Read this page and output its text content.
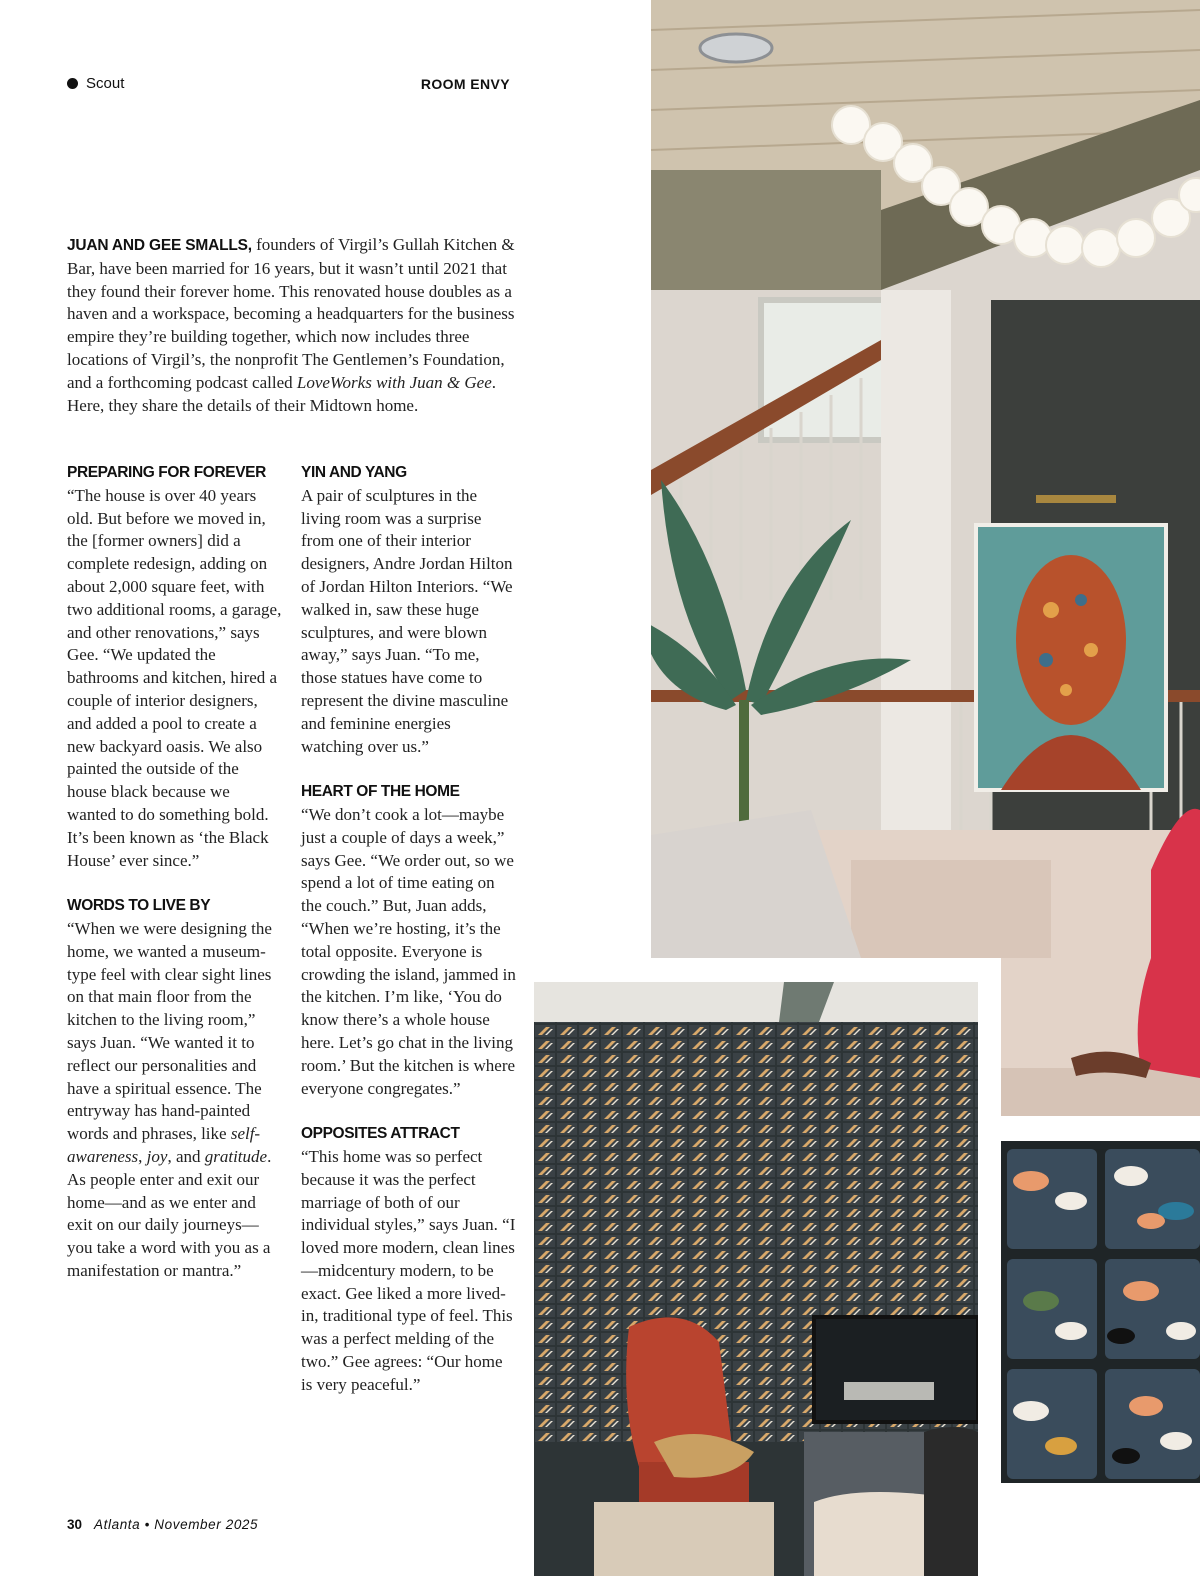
Scout	ROOM ENVY
JUAN AND GEE SMALLS, founders of Virgil’s Gullah Kitchen & Bar, have been married for 16 years, but it wasn’t until 2021 that they found their forever home. This renovated house doubles as a haven and a workspace, becoming a headquarters for the business empire they’re building together, which now includes three locations of Virgil’s, the nonprofit The Gentlemen’s Foundation, and a forthcoming podcast called LoveWorks with Juan & Gee. Here, they share the details of their Midtown home.
PREPARING FOR FOREVER
“The house is over 40 years old. But before we moved in, the [former owners] did a complete redesign, adding on about 2,000 square feet, with two additional rooms, a garage, and other renovations,” says Gee. “We updated the bathrooms and kitchen, hired a couple of interior designers, and added a pool to create a new backyard oasis. We also painted the outside of the house black because we wanted to do something bold. It’s been known as ‘the Black House’ ever since.”
WORDS TO LIVE BY
“When we were designing the home, we wanted a museum-type feel with clear sight lines on that main floor from the kitchen to the living room,” says Juan. “We wanted it to reflect our personalities and have a spiritual essence. The entryway has hand-painted words and phrases, like self-awareness, joy, and gratitude. As people enter and exit our home—and as we enter and exit on our daily journeys—you take a word with you as a manifestation or mantra.”
YIN AND YANG
A pair of sculptures in the living room was a surprise from one of their interior designers, Andre Jordan Hilton of Jordan Hilton Interiors. “We walked in, saw these huge sculptures, and were blown away,” says Juan. “To me, those statues have come to represent the divine masculine and feminine energies watching over us.”
HEART OF THE HOME
“We don’t cook a lot—maybe just a couple of days a week,” says Gee. “We order out, so we spend a lot of time eating on the couch.” But, Juan adds, “When we’re hosting, it’s the total opposite. Everyone is crowding the island, jammed in the kitchen. I’m like, ‘You do know there’s a whole house here. Let’s go chat in the living room.’ But the kitchen is where everyone congregates.”
OPPOSITES ATTRACT
“This home was so perfect because it was the perfect marriage of both of our individual styles,” says Juan. “I loved more modern, clean lines—midcentury modern, to be exact. Gee liked a more lived-in, traditional type of feel. This was a perfect melding of the two.” Gee agrees: “Our home is very peaceful.”
30 Atlanta • November 2025
